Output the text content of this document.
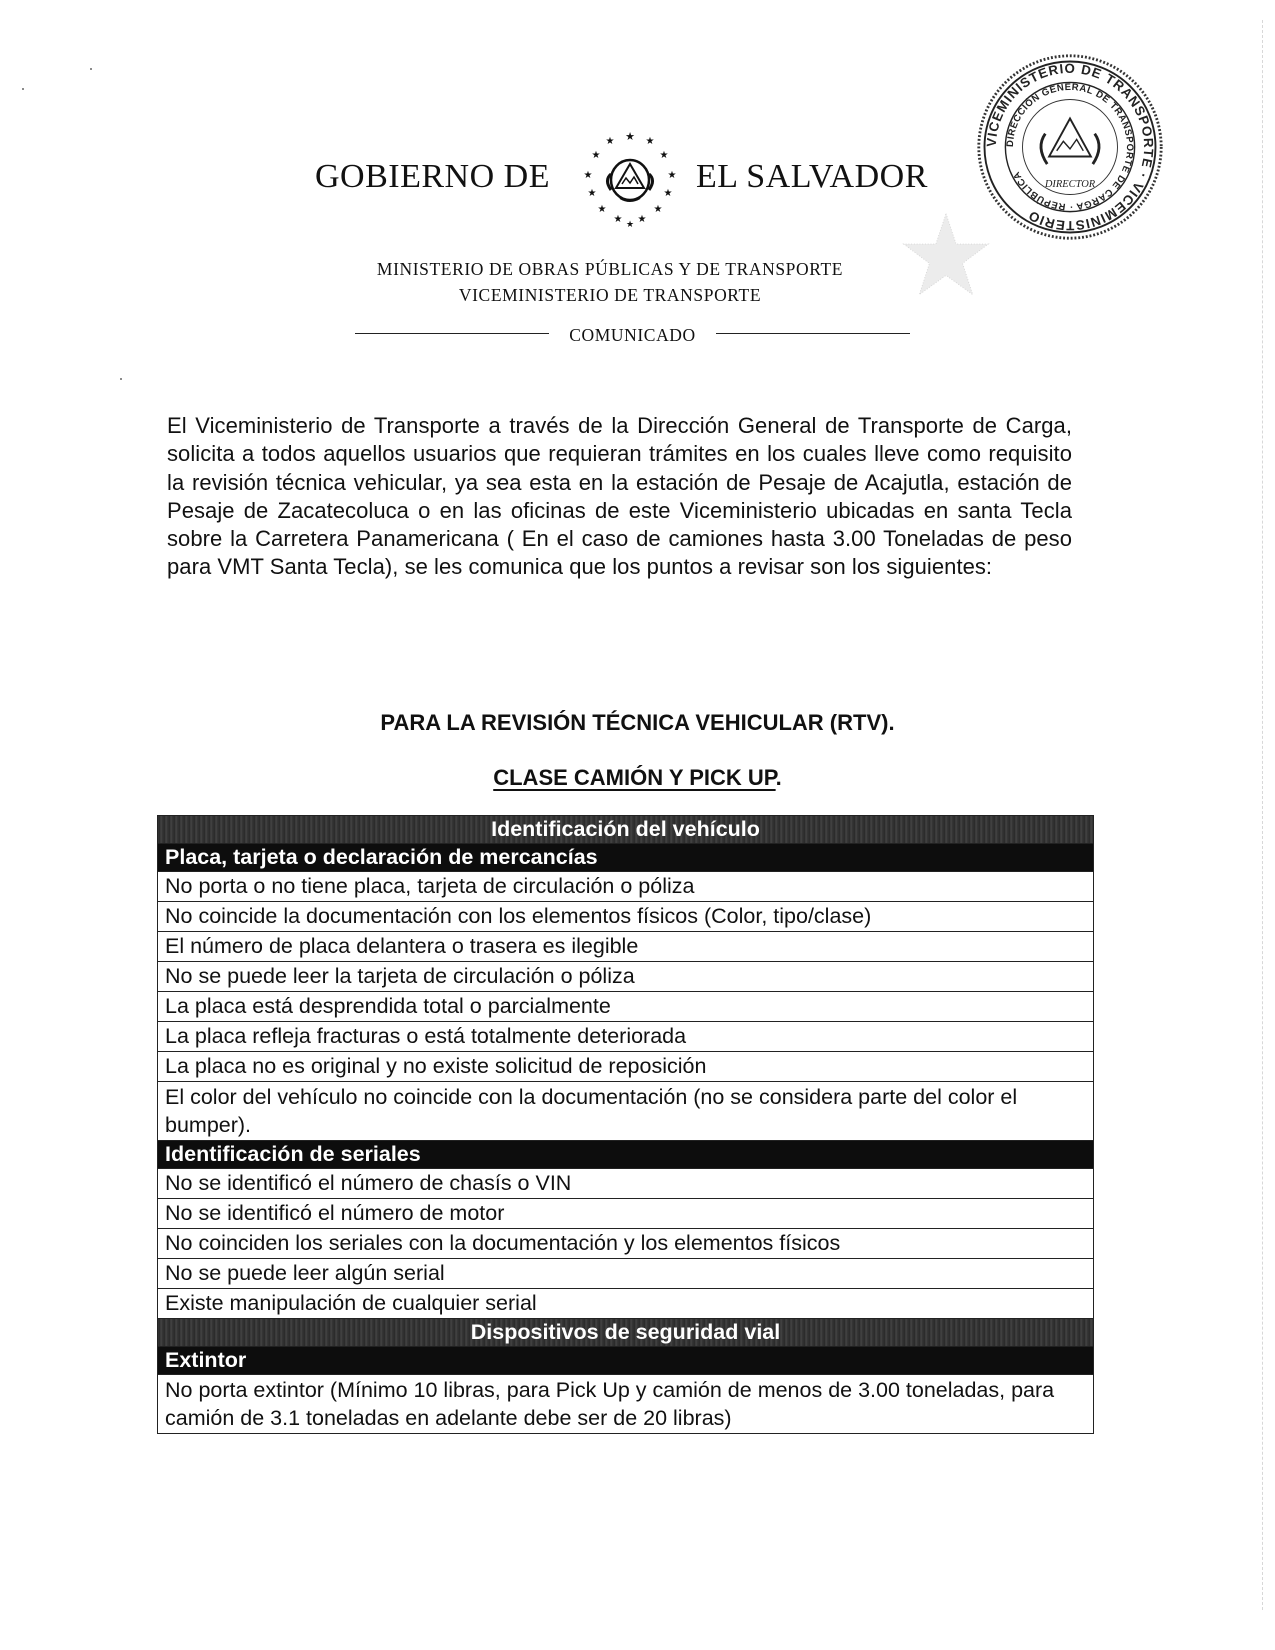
GOBIERNO DE	EL SALVADOR
★
★	★
★	★
★	★
★	★
★	★
★ ★
★
VICEMINISTERIO DE TRANSPORTE · VICEMINISTERIO
DIRECCIÓN GENERAL DE TRANSPORTE DE CARGA · REPÚBLICA
DIRECTOR
MINISTERIO DE OBRAS PÚBLICAS Y DE TRANSPORTE
VICEMINISTERIO DE TRANSPORTE
COMUNICADO

El Viceministerio de Transporte a través de la Dirección General de Transporte de Carga, solicita a todos aquellos usuarios que requieran trámites en los cuales lleve como requisito la revisión técnica vehicular, ya sea esta en la estación de Pesaje de Acajutla, estación de Pesaje de Zacatecoluca o en las oficinas de este Viceministerio ubicadas en santa Tecla sobre la Carretera Panamericana ( En el caso de camiones hasta 3.00 Toneladas de peso para VMT Santa Tecla), se les comunica que los puntos a revisar son los siguientes:

PARA LA REVISIÓN TÉCNICA VEHICULAR (RTV).
CLASE CAMIÓN Y PICK UP.
Identificación del vehículo
Placa, tarjeta o declaración de mercancías
No porta o no tiene placa, tarjeta de circulación o póliza
No coincide la documentación con los elementos físicos (Color, tipo/clase)
El número de placa delantera o trasera es ilegible
No se puede leer la tarjeta de circulación o póliza
La placa está desprendida total o parcialmente
La placa refleja fracturas o está totalmente deteriorada
La placa no es original y no existe solicitud de reposición
El color del vehículo no coincide con la documentación (no se considera parte del color el bumper).
Identificación de seriales
No se identificó el número de chasís o VIN
No se identificó el número de motor
No coinciden los seriales con la documentación y los elementos físicos
No se puede leer algún serial
Existe manipulación de cualquier serial
Dispositivos de seguridad vial
Extintor
No porta extintor (Mínimo 10 libras, para Pick Up y camión de menos de 3.00 toneladas, para camión de 3.1 toneladas en adelante debe ser de 20 libras)
